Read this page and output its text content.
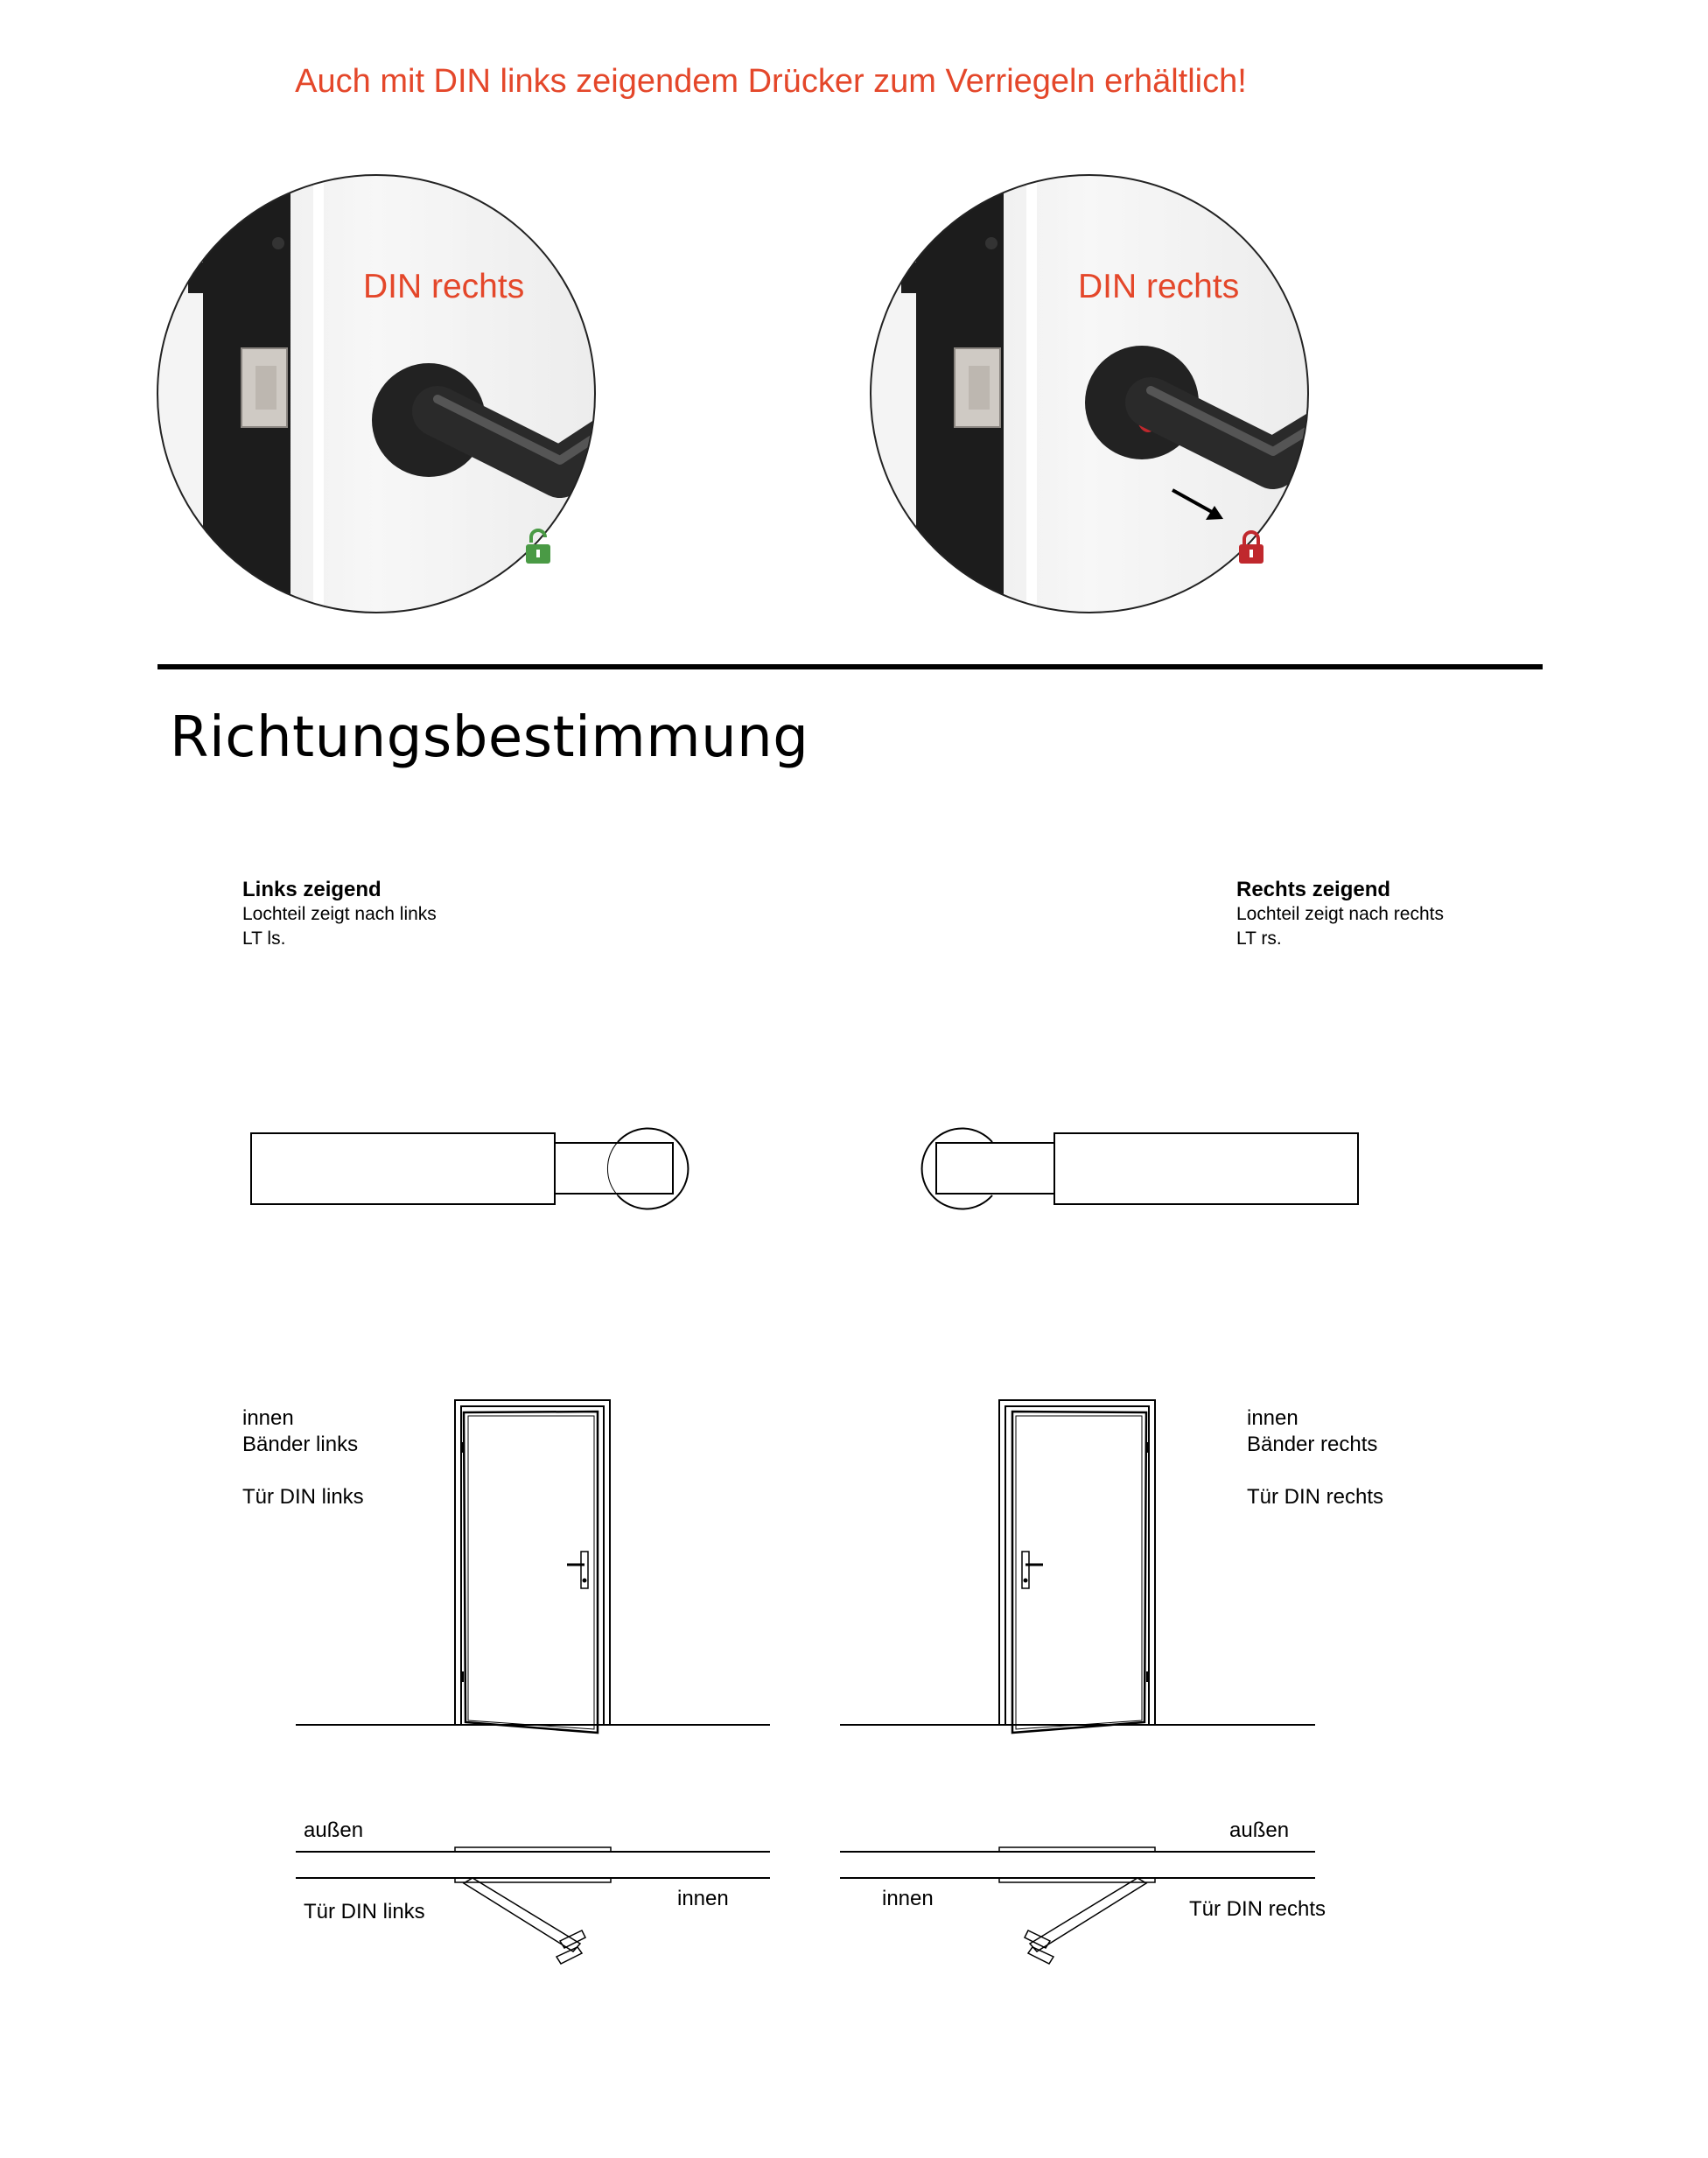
Auch mit DIN links zeigendem Drücker zum Verriegeln erhältlich!
DIN rechts	DIN rechts
Richtungsbestimmung
Links zeigend
Lochteil zeigt nach links
LT ls.
Rechts zeigend
Lochteil zeigt nach rechts
LT rs.
innen
Bänder links
Tür DIN links
innen
Bänder rechts
Tür DIN rechts
außen
Tür DIN links
innen
außen
innen	Tür DIN rechts
